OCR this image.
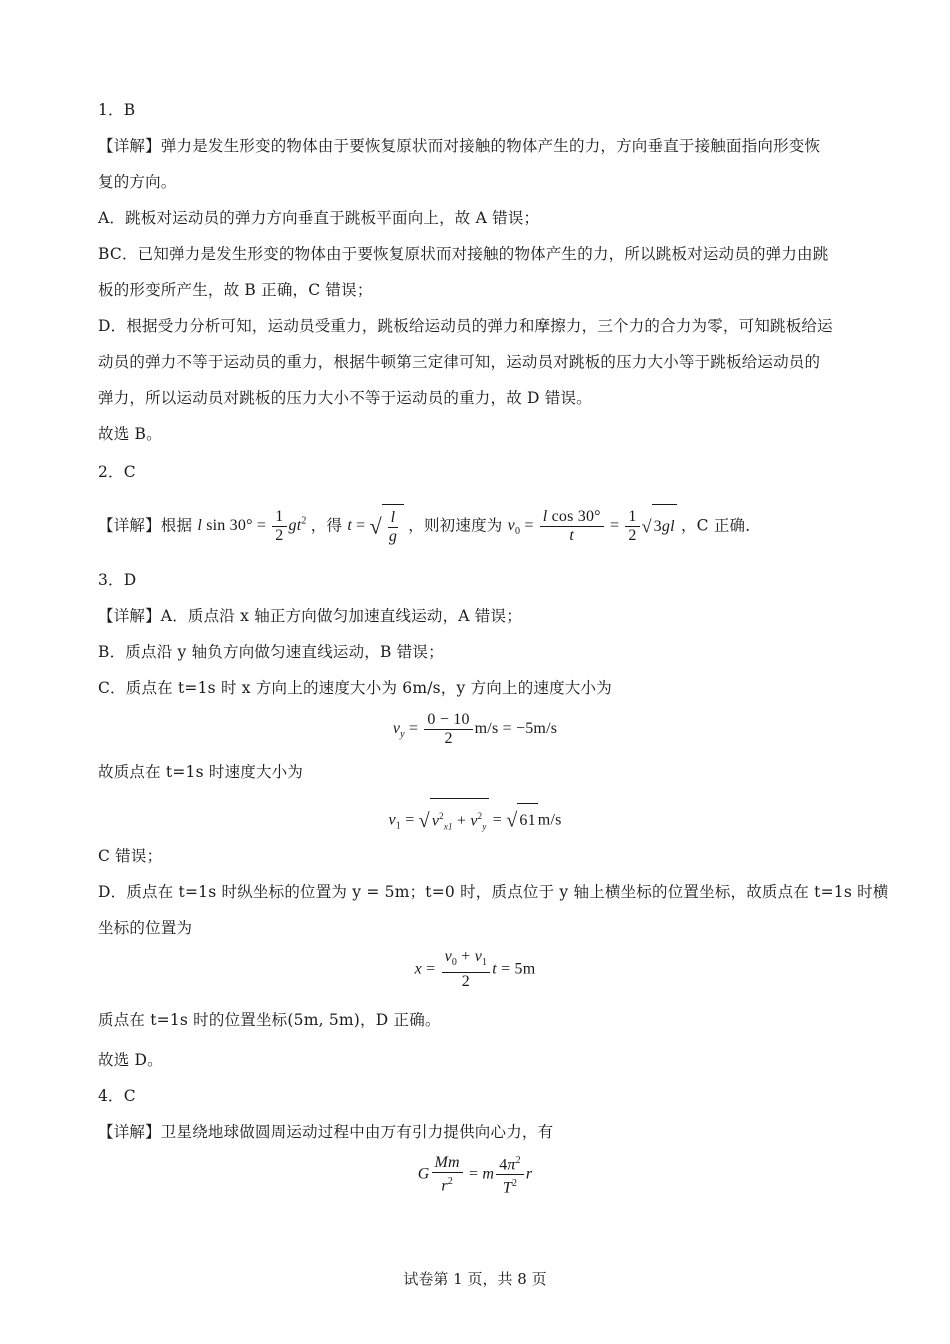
1．B
【详解】弹力是发生形变的物体由于要恢复原状而对接触的物体产生的力，方向垂直于接触面指向形变恢
复的方向。
A．跳板对运动员的弹力方向垂直于跳板平面向上，故 A 错误；
BC．已知弹力是发生形变的物体由于要恢复原状而对接触的物体产生的力，所以跳板对运动员的弹力由跳
板的形变所产生，故 B 正确，C 错误；
D．根据受力分析可知，运动员受重力，跳板给运动员的弹力和摩擦力，三个力的合力为零，可知跳板给运
动员的弹力不等于运动员的重力，根据牛顿第三定律可知，运动员对跳板的压力大小等于跳板给运动员的
弹力，所以运动员对跳板的压力大小不等于运动员的重力，故 D 错误。
故选 B。
2．C
【详解】根据 l $\sin 30^\circ = \frac{1}{2} gt^2$ ，得 t = √ $\frac{l}{g}$ ，则初速度为 $v_0 = \frac{\text{l cos 30°}}{t} = \frac{1}{2}$ √ 3gl ，C 正确．
3．D
【详解】A．质点沿 x 轴正方向做匀加速直线运动，A 错误；
B．质点沿 y 轴负方向做匀速直线运动，B 错误；
C．质点在 t=1s 时 x 方向上的速度大小为 6m/s，y 方向上的速度大小为
$v_y = \frac{0 - 10}{2} m/s = -5m/s$
故质点在 t=1s 时速度大小为
$v_1$ = √ $v^2_{x1} + v^2_y$ = √ 61 m/s
C 错误；
D．质点在 t=1s 时纵坐标的位置为 y = 5m；t=0 时，质点位于 y 轴上横坐标的位置坐标，故质点在 t=1s 时横
坐标的位置为
$x = \frac{v_0 + v_1}{2}$ t = 5m
质点在 t=1s 时的位置坐标(5m, 5m)，D 正确。
故选 D。
4．C
【详解】卫星绕地球做圆周运动过程中由万有引力提供向心力，有
G $\frac{Mm}{r^2} = m \frac{4\pi^2}{T^2}$ r
试卷第 1 页，共 8 页
